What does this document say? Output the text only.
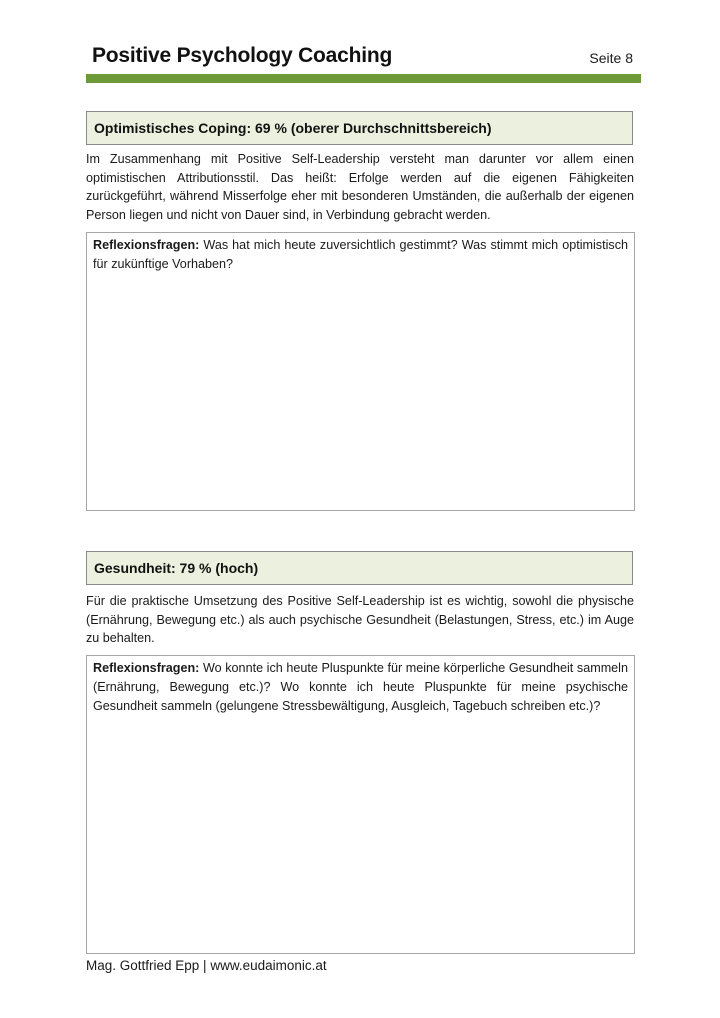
Positive Psychology Coaching	Seite 8
Optimistisches Coping: 69 % (oberer Durchschnittsbereich)

Im Zusammenhang mit Positive Self-Leadership versteht man darunter vor allem einen optimistischen Attributionsstil. Das heißt: Erfolge werden auf die eigenen Fähigkeiten zurückgeführt, während Misserfolge eher mit besonderen Umständen, die außerhalb der eigenen Person liegen und nicht von Dauer sind, in Verbindung gebracht werden.

Reflexionsfragen: Was hat mich heute zuversichtlich gestimmt? Was stimmt mich optimistisch für zukünftige Vorhaben?
Gesundheit: 79 % (hoch)

Für die praktische Umsetzung des Positive Self-Leadership ist es wichtig, sowohl die physische (Ernährung, Bewegung etc.) als auch psychische Gesundheit (Belastungen, Stress, etc.) im Auge zu behalten.

Reflexionsfragen: Wo konnte ich heute Pluspunkte für meine körperliche Gesundheit sammeln (Ernährung, Bewegung etc.)? Wo konnte ich heute Pluspunkte für meine psychische Gesundheit sammeln (gelungene Stressbewältigung, Ausgleich, Tagebuch schreiben etc.)?
Mag. Gottfried Epp | www.eudaimonic.at
